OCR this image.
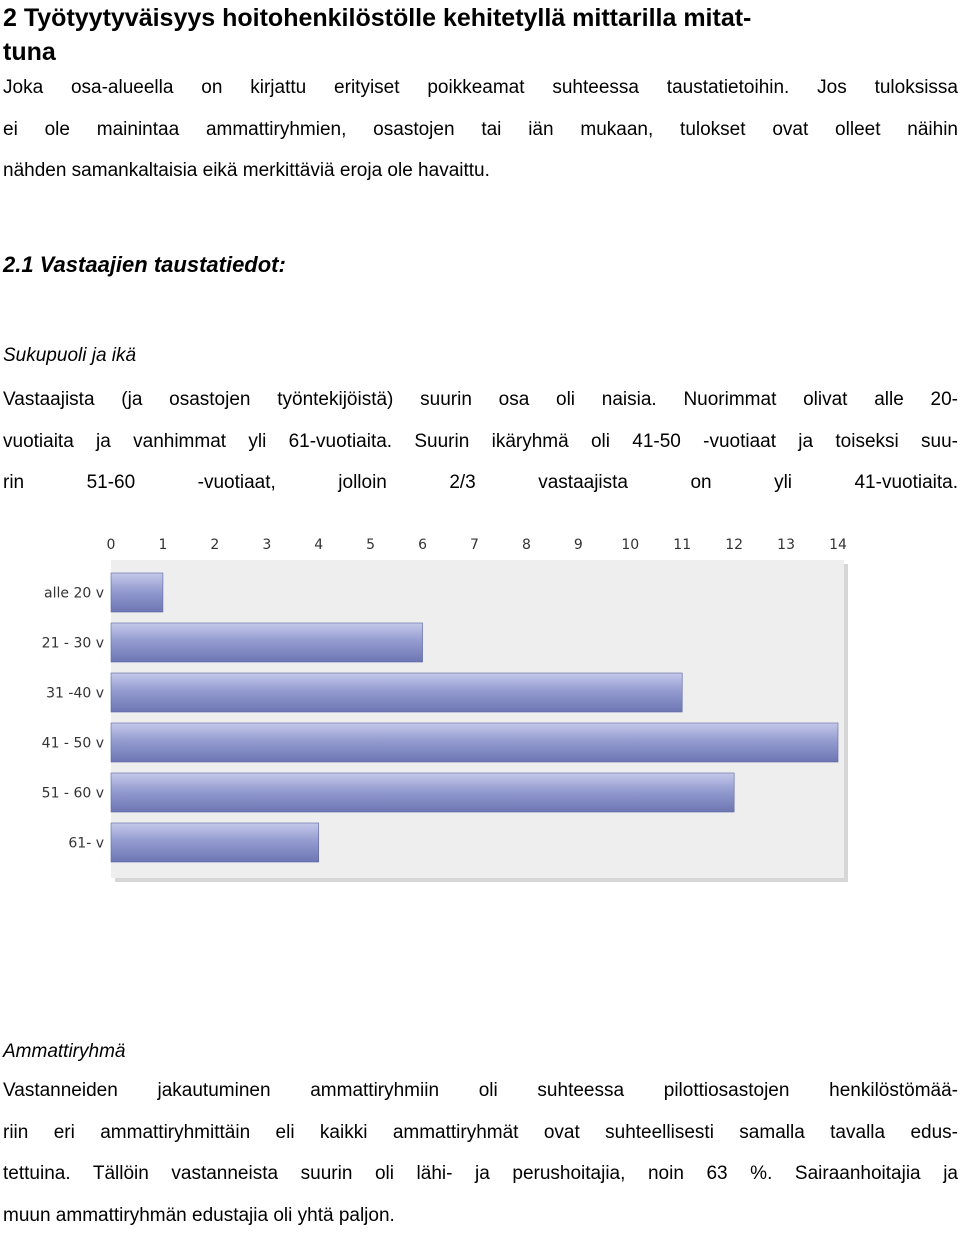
2 Työtyytyväisyys hoitohenkilöstölle kehitetyllä mittarilla mitat-
tuna
Joka osa-alueella on kirjattu erityiset poikkeamat suhteessa taustatietoihin. Jos tuloksissa
ei ole mainintaa ammattiryhmien, osastojen tai iän mukaan, tulokset ovat olleet näihin
nähden samankaltaisia eikä merkittäviä eroja ole havaittu.
2.1 Vastaajien taustatiedot:
Sukupuoli ja ikä
Vastaajista (ja osastojen työntekijöistä) suurin osa oli naisia. Nuorimmat olivat alle 20-
vuotiaita ja vanhimmat yli 61-vuotiaita. Suurin ikäryhmä oli 41-50 -vuotiaat ja toiseksi suu-
rin 51-60 -vuotiaat, jolloin 2/3 vastaajista on yli 41-vuotiaita.
0	1	2	3	4	5	6	7	8	9	10 11 12 13 14
alle 20 v
21 - 30 v
31 -40 v
41 - 50 v
51 - 60 v
61- v
Ammattiryhmä
Vastanneiden jakautuminen ammattiryhmiin oli suhteessa pilottiosastojen henkilöstömää-
riin eri ammattiryhmittäin eli kaikki ammattiryhmät ovat suhteellisesti samalla tavalla edus-
tettuina. Tällöin vastanneista suurin oli lähi- ja perushoitajia, noin 63 %. Sairaanhoitajia ja
muun ammattiryhmän edustajia oli yhtä paljon.
